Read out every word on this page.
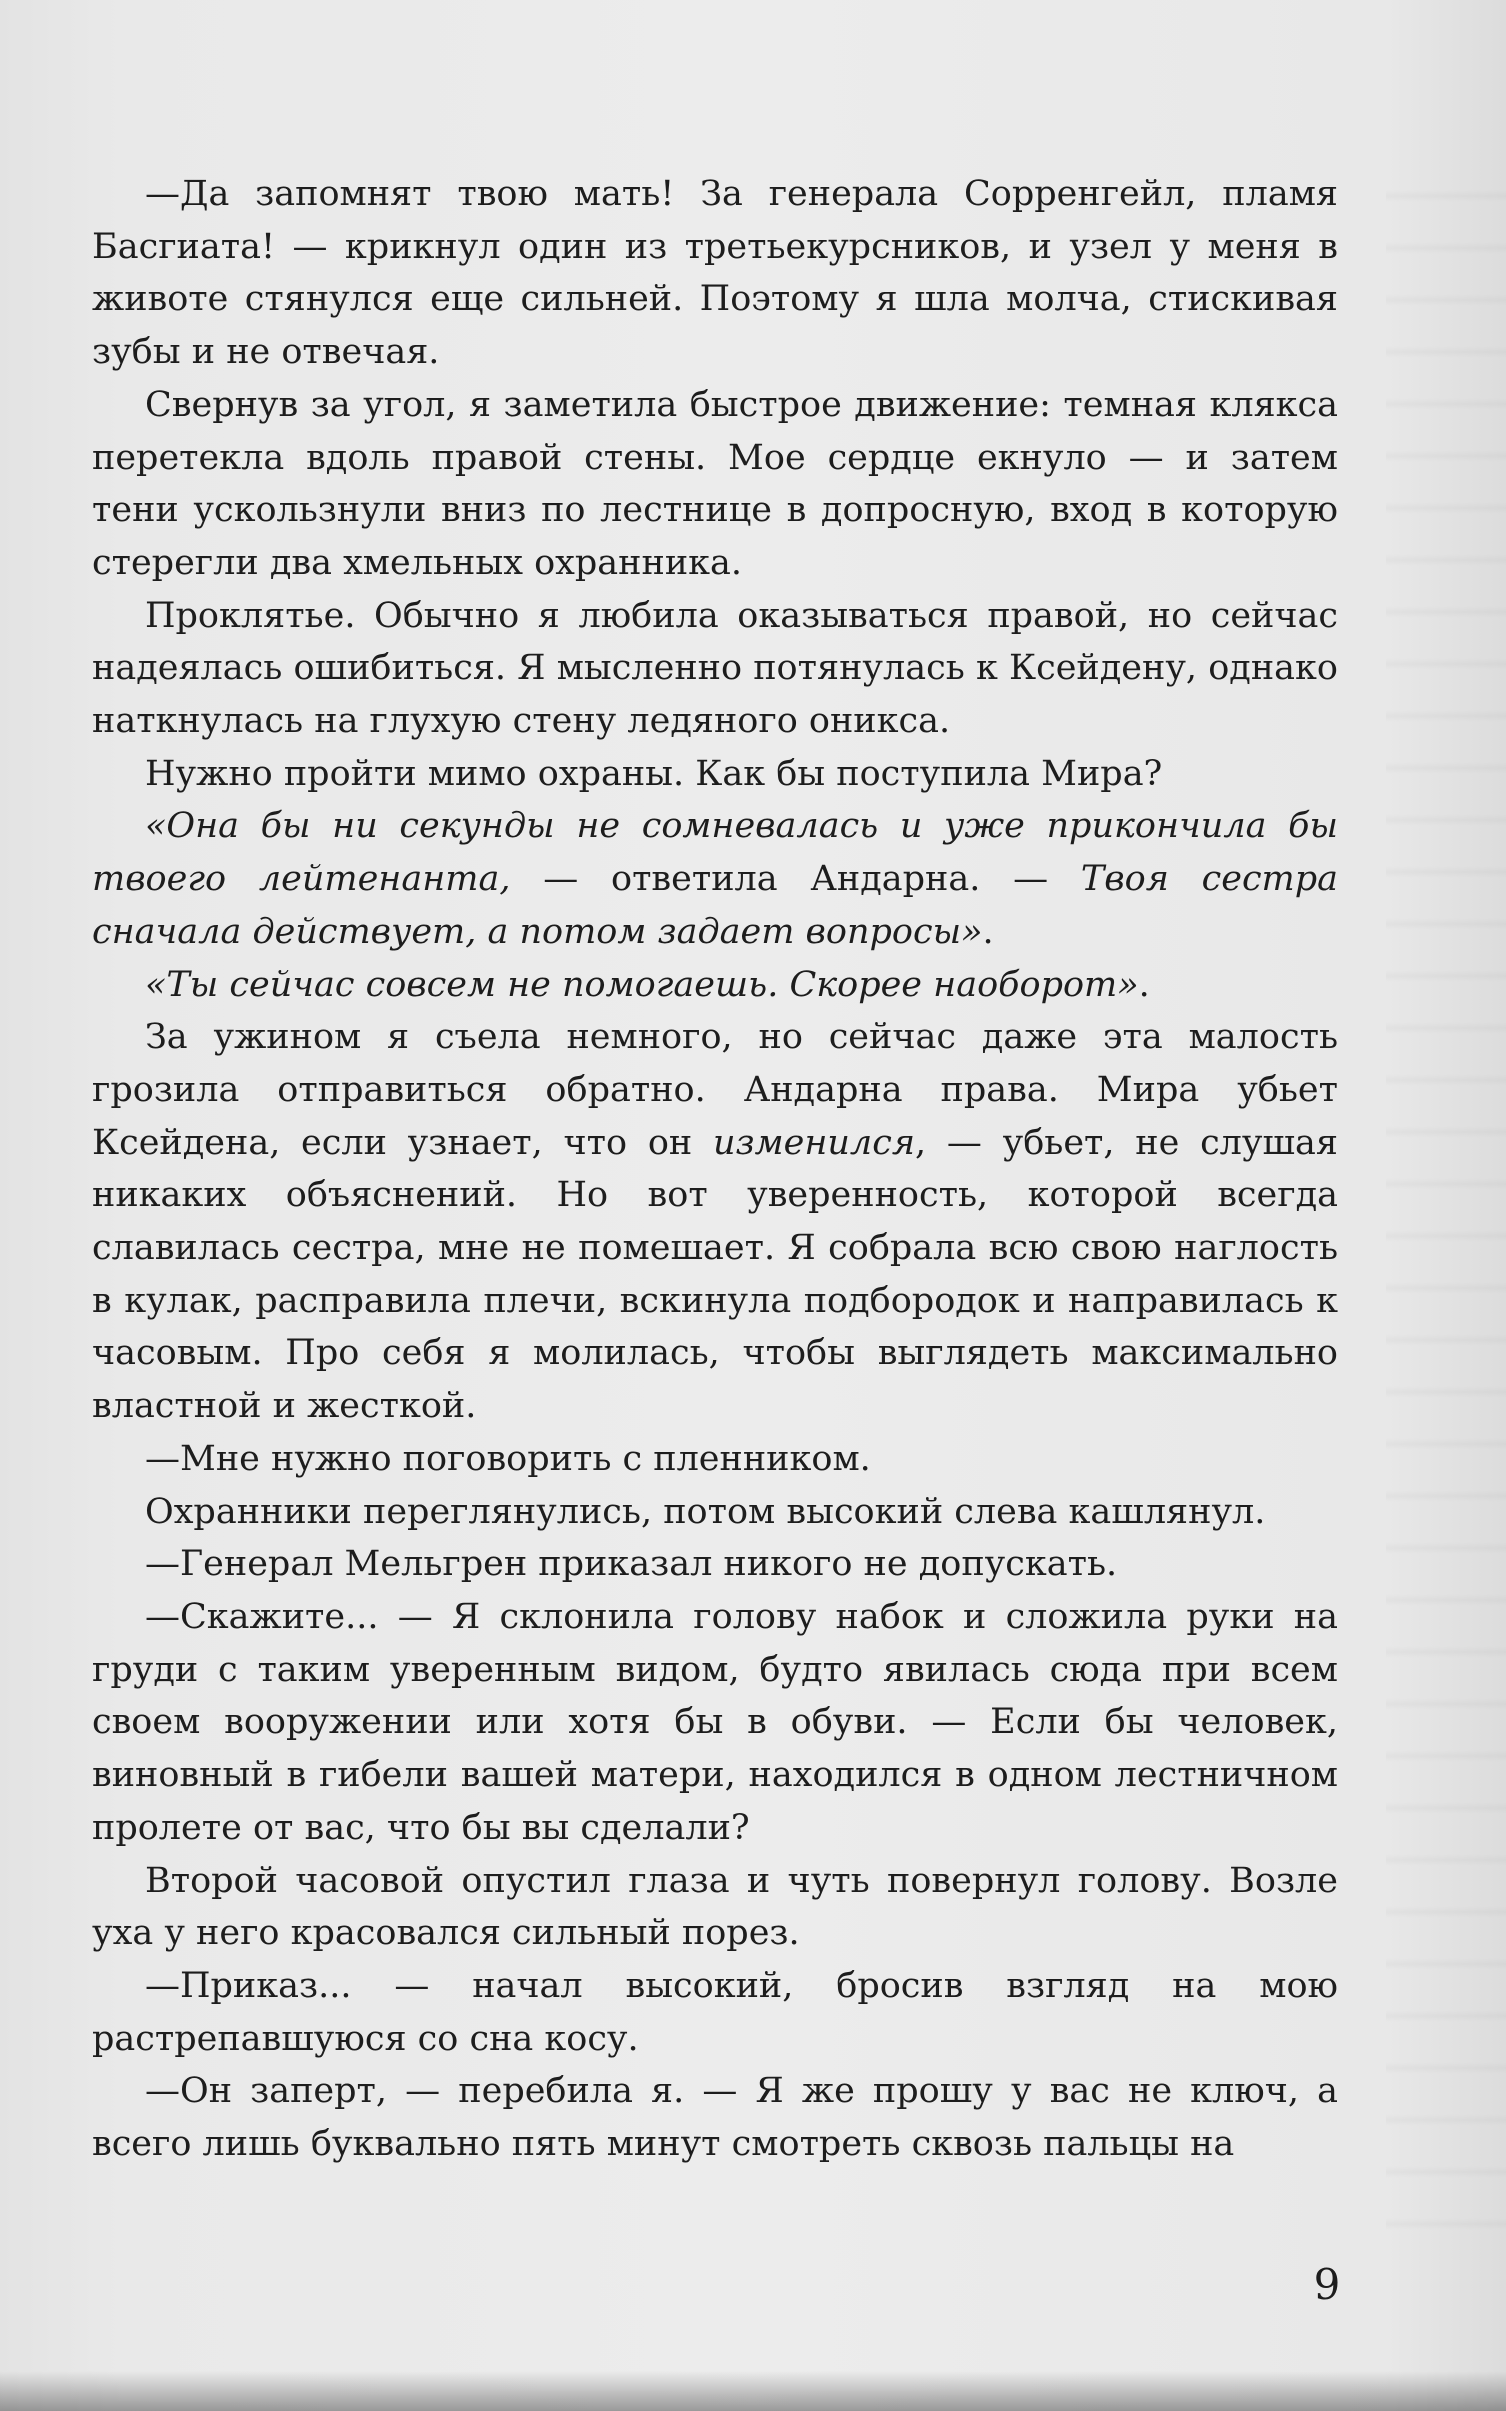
—Да запомнят твою мать! За генерала Сорренгейл, пламя Басгиата! — крикнул один из третьекурсников, и узел у меня в животе стянулся еще сильней. Поэтому я шла молча, стискивая зубы и не отвечая.

Свернув за угол, я заметила быстрое движение: темная клякса перетекла вдоль правой стены. Мое сердце екнуло — и затем тени ускользнули вниз по лестнице в допросную, вход в которую стерегли два хмельных охранника.

Проклятье. Обычно я любила оказываться правой, но сейчас надеялась ошибиться. Я мысленно потянулась к Ксейдену, однако наткнулась на глухую стену ледяного оникса.

Нужно пройти мимо охраны. Как бы поступила Мира?

«Она бы ни секунды не сомневалась и уже прикончила бы твоего лейтенанта, — ответила Андарна. — Твоя сестра сначала действует, а потом задает вопросы».

«Ты сейчас совсем не помогаешь. Скорее наоборот».

За ужином я съела немного, но сейчас даже эта малость грозила отправиться обратно. Андарна права. Мира убьет Ксейдена, если узнает, что он изменился, — убьет, не слушая никаких объяснений. Но вот уверенность, которой всегда славилась сестра, мне не помешает. Я собрала всю свою наглость в кулак, расправила плечи, вскинула подбородок и направилась к часовым. Про себя я молилась, чтобы выглядеть максимально властной и жесткой.

—Мне нужно поговорить с пленником.

Охранники переглянулись, потом высокий слева кашлянул.

—Генерал Мельгрен приказал никого не допускать.

—Скажите... — Я склонила голову набок и сложила руки на груди с таким уверенным видом, будто явилась сюда при всем своем вооружении или хотя бы в обуви. — Если бы человек, виновный в гибели вашей матери, находился в одном лестничном пролете от вас, что бы вы сделали?

Второй часовой опустил глаза и чуть повернул голову. Возле уха у него красовался сильный порез.

—Приказ... — начал высокий, бросив взгляд на мою растрепавшуюся со сна косу.

—Он заперт, — перебила я. — Я же прошу у вас не ключ, а всего лишь буквально пять минут смотреть сквозь пальцы на

9
